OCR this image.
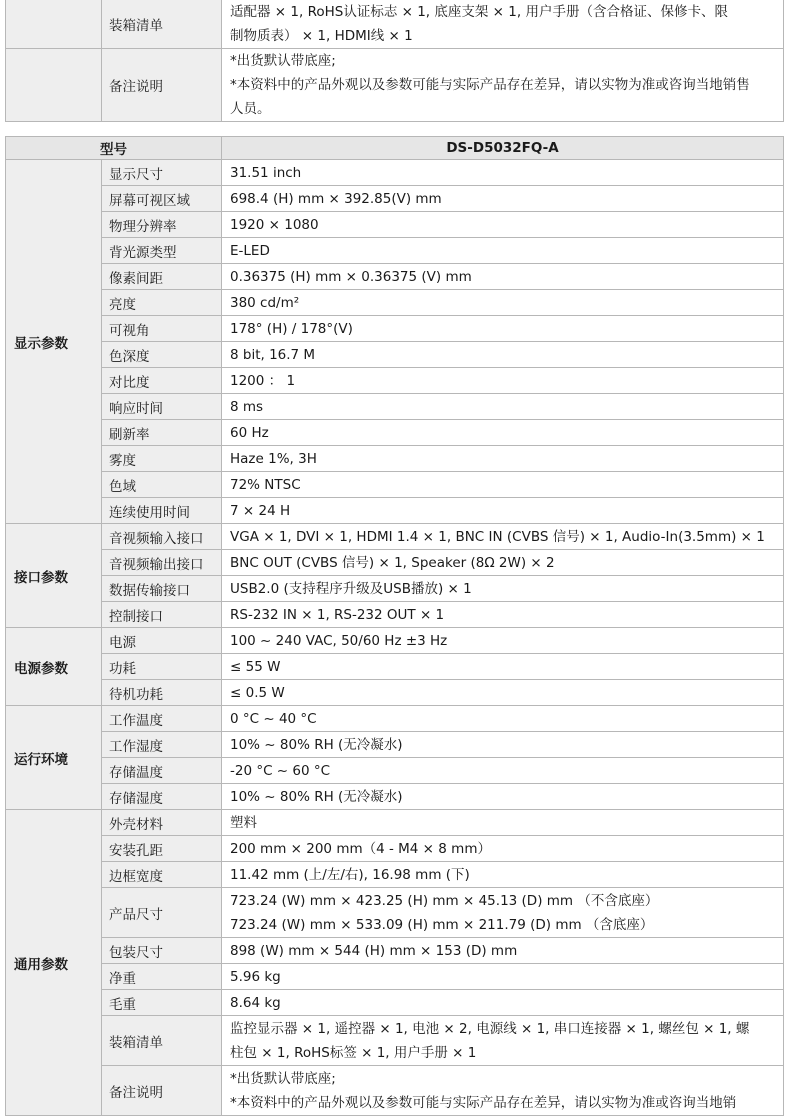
	装箱清单	适配器 × 1, RoHS认证标志 × 1, 底座支架 × 1, 用户手册（含合格证、保修卡、限
制物质表） × 1, HDMI线 × 1

	备注说明	*出货默认带底座;
*本资料中的产品外观以及参数可能与实际产品存在差异，请以实物为准或咨询当地销售
人员。
型号		DS-D5032FQ-A
显示参数	显示尺寸	31.51 inch

	屏幕可视区域	698.4 (H) mm × 392.85(V) mm

	物理分辨率	1920 × 1080

	背光源类型	E-LED

	像素间距	0.36375 (H) mm × 0.36375 (V) mm

	亮度	380 cd/m²

	可视角	178° (H) / 178°(V)

	色深度	8 bit, 16.7 M

	对比度	1200 ： 1

	响应时间	8 ms

	刷新率	60 Hz

	雾度	Haze 1%, 3H

	色域	72% NTSC

	连续使用时间	7 × 24 H

接口参数	音视频输入接口	VGA × 1, DVI × 1, HDMI 1.4 × 1, BNC IN (CVBS 信号) × 1, Audio-In(3.5mm) × 1

	音视频输出接口	BNC OUT (CVBS 信号) × 1, Speaker (8Ω 2W) × 2

	数据传输接口	USB2.0 (支持程序升级及USB播放) × 1

	控制接口	RS-232 IN × 1, RS-232 OUT × 1

电源参数	电源	100 ~ 240 VAC, 50/60 Hz ±3 Hz

	功耗	≤ 55 W

	待机功耗	≤ 0.5 W

运行环境	工作温度	0 °C ~ 40 °C

	工作湿度	10% ~ 80% RH (无冷凝水)

	存储温度	-20 °C ~ 60 °C

	存储湿度	10% ~ 80% RH (无冷凝水)

通用参数	外壳材料	塑料

	安装孔距	200 mm × 200 mm（4 - M4 × 8 mm）

	边框宽度	11.42 mm (上/左/右), 16.98 mm (下)

	产品尺寸	723.24 (W) mm × 423.25 (H) mm × 45.13 (D) mm （不含底座）
723.24 (W) mm × 533.09 (H) mm × 211.79 (D) mm （含底座）

	包装尺寸	898 (W) mm × 544 (H) mm × 153 (D) mm

	净重	5.96 kg

	毛重	8.64 kg

	装箱清单	监控显示器 × 1, 遥控器 × 1, 电池 × 2, 电源线 × 1, 串口连接器 × 1, 螺丝包 × 1, 螺
柱包 × 1, RoHS标签 × 1, 用户手册 × 1

	备注说明	*出货默认带底座;
*本资料中的产品外观以及参数可能与实际产品存在差异，请以实物为准或咨询当地销
